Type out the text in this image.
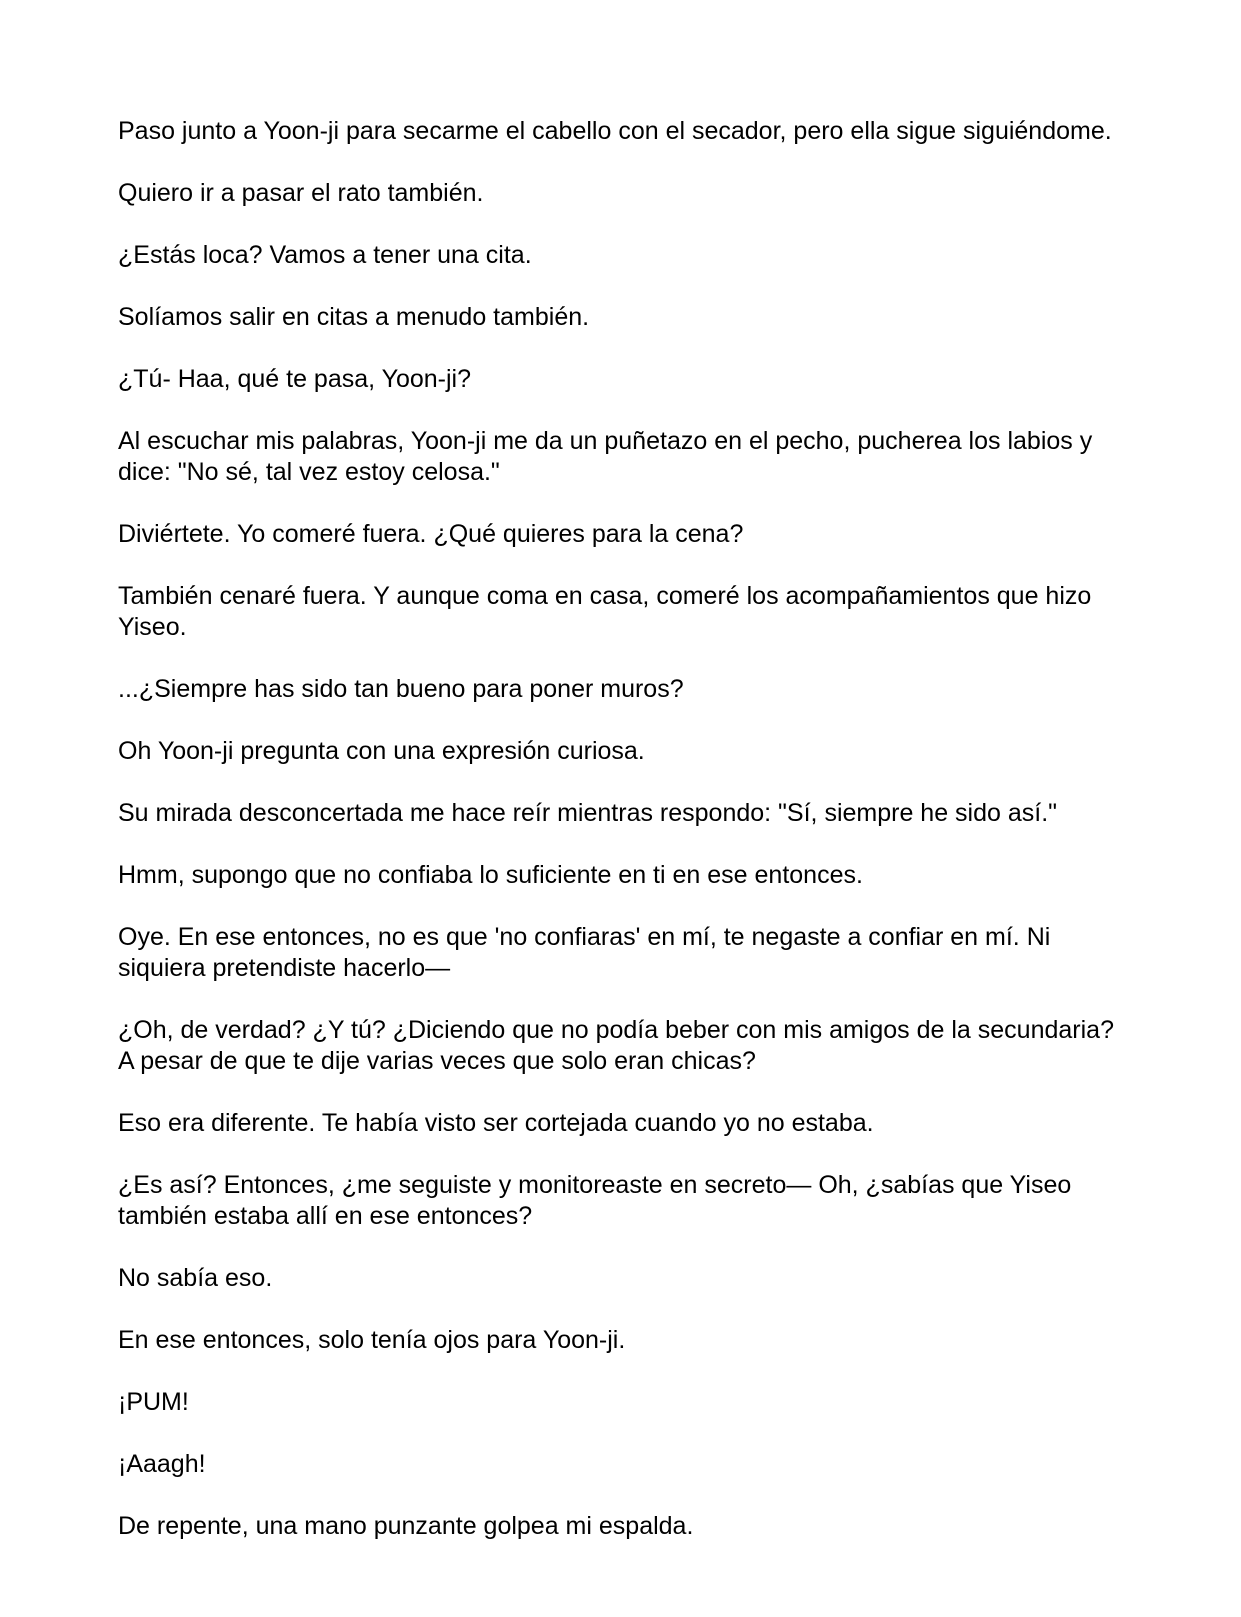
Paso junto a Yoon-ji para secarme el cabello con el secador, pero ella sigue siguiéndome.

Quiero ir a pasar el rato también.

¿Estás loca? Vamos a tener una cita.

Solíamos salir en citas a menudo también.

¿Tú- Haa, qué te pasa, Yoon-ji?

Al escuchar mis palabras, Yoon-ji me da un puñetazo en el pecho, pucherea los labios y dice: "No sé, tal vez estoy celosa."

Diviértete. Yo comeré fuera. ¿Qué quieres para la cena?

También cenaré fuera. Y aunque coma en casa, comeré los acompañamientos que hizo Yiseo.

...¿Siempre has sido tan bueno para poner muros?

Oh Yoon-ji pregunta con una expresión curiosa.

Su mirada desconcertada me hace reír mientras respondo: "Sí, siempre he sido así."

Hmm, supongo que no confiaba lo suficiente en ti en ese entonces.

Oye. En ese entonces, no es que 'no confiaras' en mí, te negaste a confiar en mí. Ni siquiera pretendiste hacerlo—

¿Oh, de verdad? ¿Y tú? ¿Diciendo que no podía beber con mis amigos de la secundaria? A pesar de que te dije varias veces que solo eran chicas?

Eso era diferente. Te había visto ser cortejada cuando yo no estaba.

¿Es así? Entonces, ¿me seguiste y monitoreaste en secreto— Oh, ¿sabías que Yiseo también estaba allí en ese entonces?

No sabía eso.

En ese entonces, solo tenía ojos para Yoon-ji.

¡PUM!

¡Aaagh!

De repente, una mano punzante golpea mi espalda.
